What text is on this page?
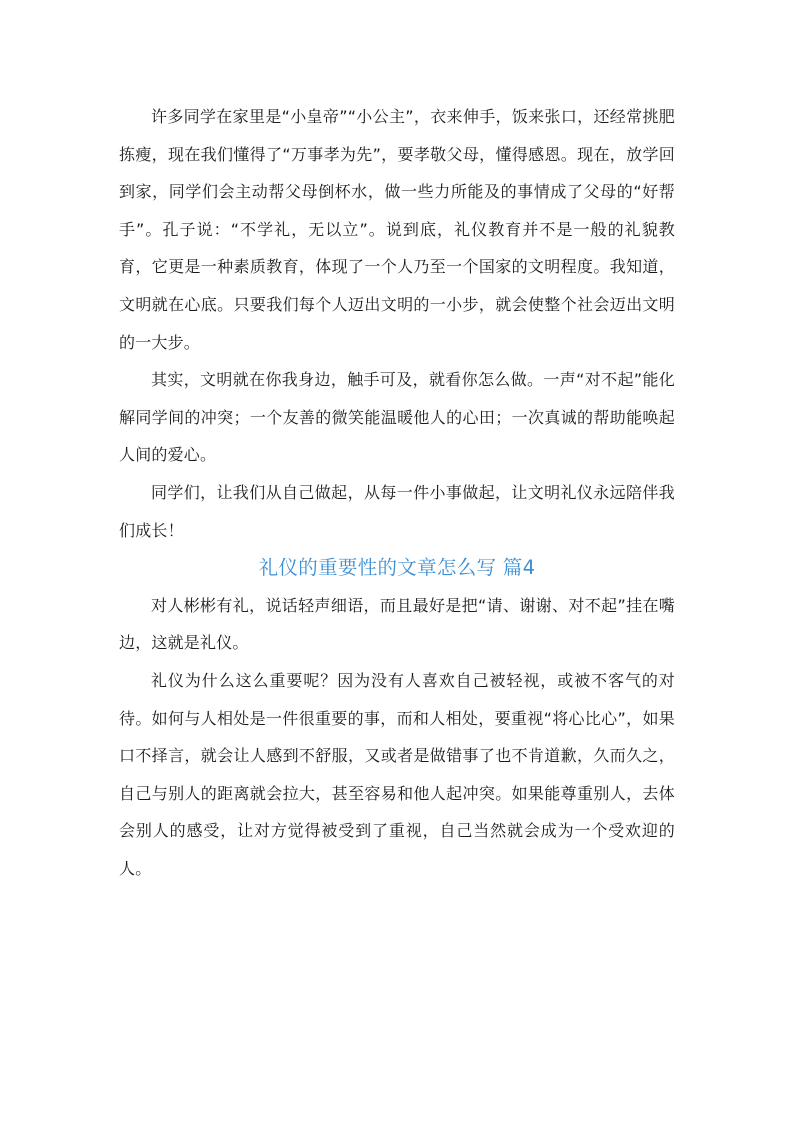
许多同学在家里是“小皇帝”“小公主”，衣来伸手，饭来张口，还经常挑肥拣瘦，现在我们懂得了“万事孝为先”，要孝敬父母，懂得感恩。现在，放学回到家，同学们会主动帮父母倒杯水，做一些力所能及的事情成了父母的“好帮手”。孔子说：“不学礼，无以立”。说到底，礼仪教育并不是一般的礼貌教育，它更是一种素质教育，体现了一个人乃至一个国家的文明程度。我知道，文明就在心底。只要我们每个人迈出文明的一小步，就会使整个社会迈出文明的一大步。

其实，文明就在你我身边，触手可及，就看你怎么做。一声“对不起”能化解同学间的冲突；一个友善的微笑能温暖他人的心田；一次真诚的帮助能唤起人间的爱心。

同学们，让我们从自己做起，从每一件小事做起，让文明礼仪永远陪伴我们成长！

礼仪的重要性的文章怎么写 篇4

对人彬彬有礼，说话轻声细语，而且最好是把“请、谢谢、对不起”挂在嘴边，这就是礼仪。

礼仪为什么这么重要呢？因为没有人喜欢自己被轻视，或被不客气的对待。如何与人相处是一件很重要的事，而和人相处，要重视“将心比心”，如果口不择言，就会让人感到不舒服，又或者是做错事了也不肯道歉，久而久之，自己与别人的距离就会拉大，甚至容易和他人起冲突。如果能尊重别人，去体会别人的感受，让对方觉得被受到了重视，自己当然就会成为一个受欢迎的人。
